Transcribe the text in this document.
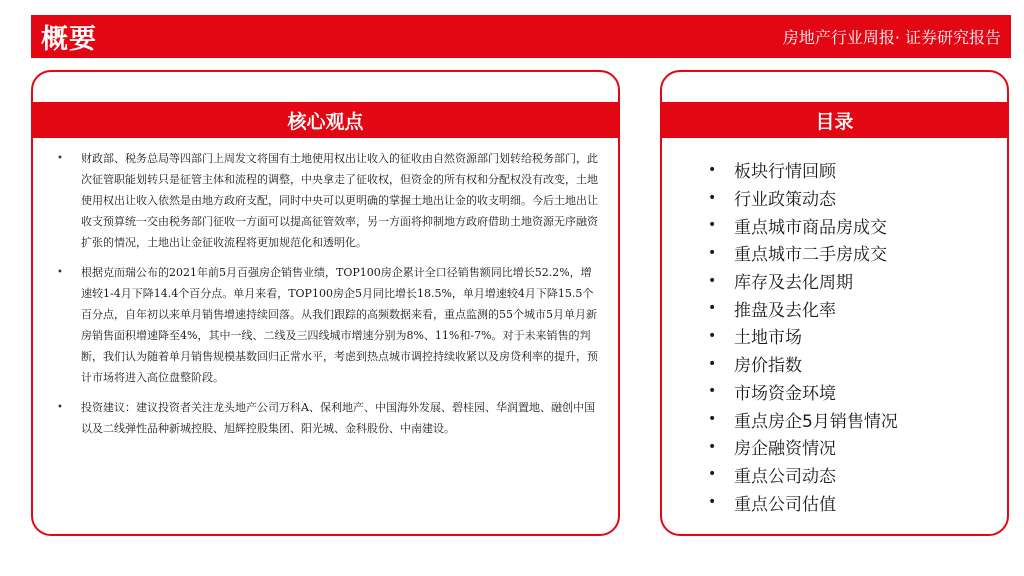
概要	房地产行业周报· 证券研究报告
核心观点
• 财政部、税务总局等四部门上周发文将国有土地使用权出让收入的征收由自然资源部门划转给税务部门，此次征管职能划转只是征管主体和流程的调整，中央拿走了征收权，但资金的所有权和分配权没有改变，土地使用权出让收入依然是由地方政府支配，同时中央可以更明确的掌握土地出让金的收支明细。今后土地出让收支预算统一交由税务部门征收一方面可以提高征管效率，另一方面将抑制地方政府借助土地资源无序融资扩张的情况，土地出让金征收流程将更加规范化和透明化。
• 根据克而瑞公布的2021年前5月百强房企销售业绩，TOP100房企累计全口径销售额同比增长52.2%，增速较1-4月下降14.4个百分点。单月来看，TOP100房企5月同比增长18.5%，单月增速较4月下降15.5个百分点，自年初以来单月销售增速持续回落。从我们跟踪的高频数据来看，重点监测的55个城市5月单月新房销售面积增速降至4%，其中一线、二线及三四线城市增速分别为8%、11%和-7%。对于未来销售的判断，我们认为随着单月销售规模基数回归正常水平，考虑到热点城市调控持续收紧以及房贷利率的提升，预计市场将进入高位盘整阶段。
• 投资建议：建议投资者关注龙头地产公司万科A、保利地产、中国海外发展、碧桂园、华润置地、融创中国以及二线弹性品种新城控股、旭辉控股集团、阳光城、金科股份、中南建设。
目录
•	板块行情回顾
•	行业政策动态
•	重点城市商品房成交
•	重点城市二手房成交
•	库存及去化周期
•	推盘及去化率
•	土地市场
•	房价指数
•	市场资金环境
•	重点房企5月销售情况
•	房企融资情况
•	重点公司动态
•	重点公司估值
